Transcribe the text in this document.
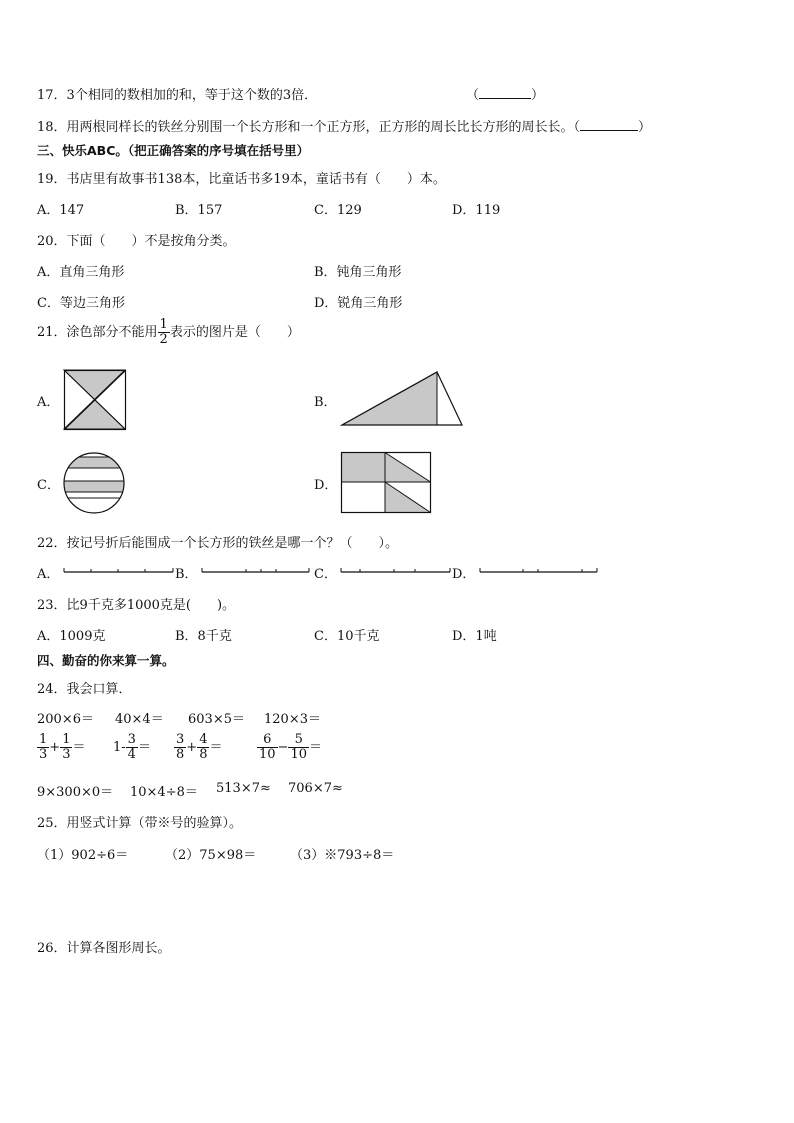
17．3个相同的数相加的和，等于这个数的3倍．	（	）
18．用两根同样长的铁丝分别围一个长方形和一个正方形，正方形的周长比长方形的周长长。（	）
三、快乐ABC。（把正确答案的序号填在括号里）
19．书店里有故事书138本，比童话书多19本，童话书有（　　）本。
A．147	B．157	C．129	D．119
20．下面（　　）不是按角分类。
A．直角三角形	B．钝角三角形
C．等边三角形	D．锐角三角形
21．涂色部分不能用 $\frac{1}{2}$ 表示的图片是（　　）
A．	B．
C．	D．
22．按记号折后能围成一个长方形的铁丝是哪一个？（　　）。
A．	B．	C．	D．
23．比9千克多1000克是(　　)。
A．1009克	B．8千克	C．10千克	D．1吨
四、勤奋的你来算一算。
24．我会口算．
200×6＝ 40×4＝ 603×5＝ 120×3＝
$\frac{1}{3} + \frac{1}{3} = 1- \frac{3}{4} = \frac{3}{8} + \frac{4}{8}$ ＝	$\frac{6}{10} - \frac{5}{10}$ ＝
9×300×0＝ 10×4÷8＝ 513×7≈ 706×7≈
25．用竖式计算（带※号的验算）。
（1）902÷6＝	（2）75×98＝	（3）※793÷8＝
26．计算各图形周长。
